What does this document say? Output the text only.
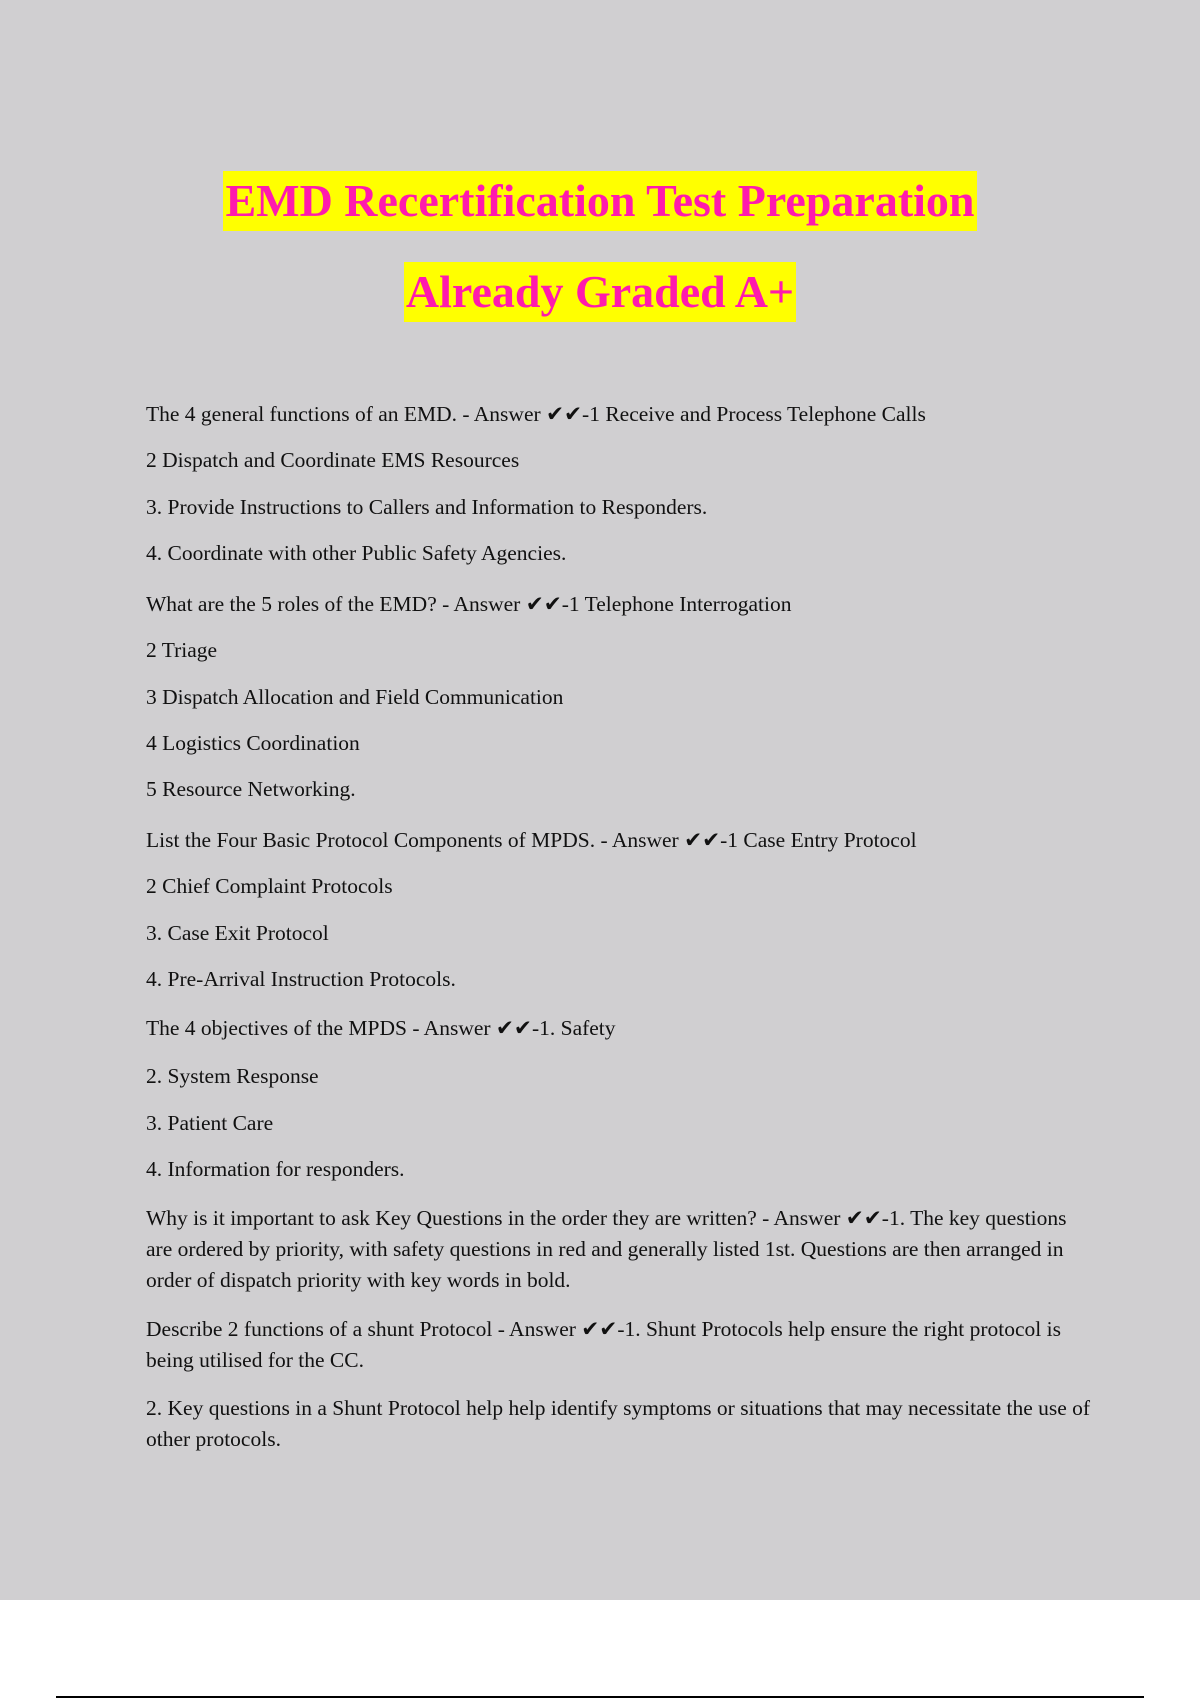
EMD Recertification Test Preparation
Already Graded A+
The 4 general functions of an EMD. - Answer ✔✔-1 Receive and Process Telephone Calls
2 Dispatch and Coordinate EMS Resources
3. Provide Instructions to Callers and Information to Responders.
4. Coordinate with other Public Safety Agencies.
What are the 5 roles of the EMD? - Answer ✔✔-1 Telephone Interrogation
2 Triage
3 Dispatch Allocation and Field Communication
4 Logistics Coordination
5 Resource Networking.
List the Four Basic Protocol Components of MPDS. - Answer ✔✔-1 Case Entry Protocol
2 Chief Complaint Protocols
3. Case Exit Protocol
4. Pre-Arrival Instruction Protocols.
The 4 objectives of the MPDS - Answer ✔✔-1. Safety
2. System Response
3. Patient Care
4. Information for responders.
Why is it important to ask Key Questions in the order they are written? - Answer ✔✔-1. The key questions are ordered by priority, with safety questions in red and generally listed 1st. Questions are then arranged in order of dispatch priority with key words in bold.
Describe 2 functions of a shunt Protocol - Answer ✔✔-1. Shunt Protocols help ensure the right protocol is being utilised for the CC.
2. Key questions in a Shunt Protocol help help identify symptoms or situations that may necessitate the use of other protocols.
